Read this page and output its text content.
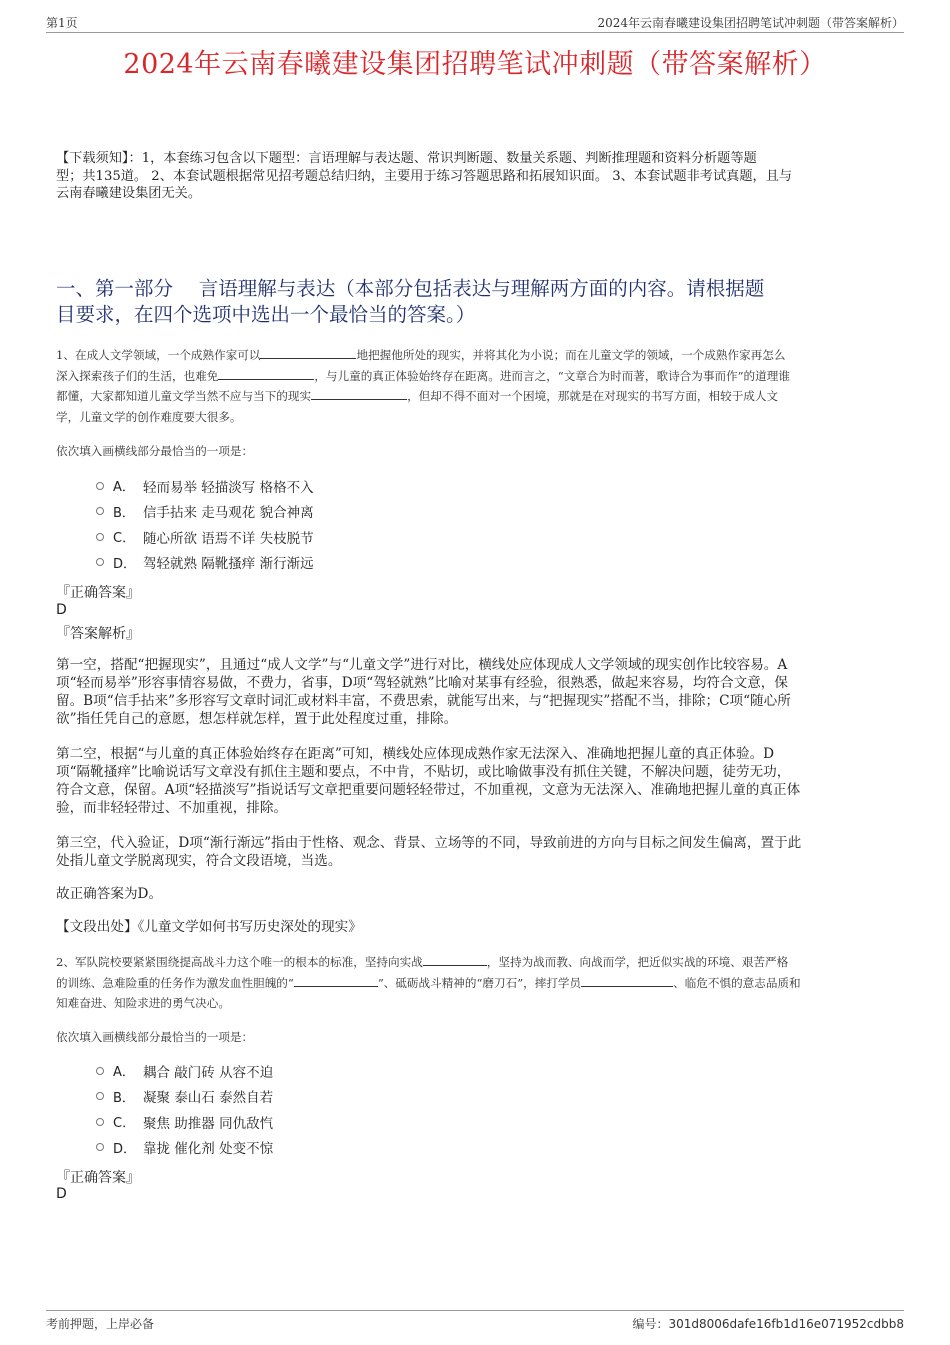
第1页	2024年云南春曦建设集团招聘笔试冲刺题（带答案解析）
2024年云南春曦建设集团招聘笔试冲刺题（带答案解析）
【下载须知】：1，本套练习包含以下题型：言语理解与表达题、常识判断题、数量关系题、判断推理题和资料分析题等题
型；共135道。 2、本套试题根据常见招考题总结归纳，主要用于练习答题思路和拓展知识面。 3、本套试题非考试真题，且与
云南春曦建设集团无关。
一、第一部分　 言语理解与表达（本部分包括表达与理解两方面的内容。请根据题
目要求，在四个选项中选出一个最恰当的答案。）
1、在成人文学领域，一个成熟作家可以	地把握他所处的现实，并将其化为小说；而在儿童文学的领域，一个成熟作家再怎么
深入探索孩子们的生活，也难免	，与儿童的真正体验始终存在距离。进而言之，“文章合为时而著，歌诗合为事而作”的道理谁
都懂，大家都知道儿童文学当然不应与当下的现实	，但却不得不面对一个困境，那就是在对现实的书写方面，相较于成人文
学，儿童文学的创作难度要大很多。
依次填入画横线部分最恰当的一项是：
A． 轻而易举 轻描淡写 格格不入
B． 信手拈来 走马观花 貌合神离
C． 随心所欲 语焉不详 失枝脱节
D． 驾轻就熟 隔靴搔痒 渐行渐远
『正确答案』
D
『答案解析』
第一空，搭配“把握现实”，且通过“成人文学”与“儿童文学”进行对比，横线处应体现成人文学领域的现实创作比较容易。A
项“轻而易举”形容事情容易做，不费力，省事，D项“驾轻就熟”比喻对某事有经验，很熟悉，做起来容易，均符合文意，保
留。B项“信手拈来”多形容写文章时词汇或材料丰富，不费思索，就能写出来，与“把握现实”搭配不当，排除；C项“随心所
欲”指任凭自己的意愿，想怎样就怎样，置于此处程度过重，排除。
第二空，根据“与儿童的真正体验始终存在距离”可知，横线处应体现成熟作家无法深入、准确地把握儿童的真正体验。D
项“隔靴搔痒”比喻说话写文章没有抓住主题和要点，不中肯，不贴切，或比喻做事没有抓住关键，不解决问题，徒劳无功，
符合文意，保留。A项“轻描淡写”指说话写文章把重要问题轻轻带过，不加重视，文意为无法深入、准确地把握儿童的真正体
验，而非轻轻带过、不加重视，排除。
第三空，代入验证，D项“渐行渐远”指由于性格、观念、背景、立场等的不同，导致前进的方向与目标之间发生偏离，置于此
处指儿童文学脱离现实，符合文段语境，当选。
故正确答案为D。
【文段出处】《儿童文学如何书写历史深处的现实》
2、军队院校要紧紧围绕提高战斗力这个唯一的根本的标准，坚持向实战	，坚持为战而教、向战而学，把近似实战的环境、艰苦严格
的训练、急难险重的任务作为激发血性胆魄的“	”、砥砺战斗精神的“磨刀石”，摔打学员	、临危不惧的意志品质和
知难奋进、知险求进的勇气决心。
依次填入画横线部分最恰当的一项是：
A． 耦合 敲门砖 从容不迫
B． 凝聚 泰山石 泰然自若
C． 聚焦 助推器 同仇敌忾
D． 靠拢 催化剂 处变不惊
『正确答案』
D
考前押题，上岸必备	编号：301d8006dafe16fb1d16e071952cdbb8
